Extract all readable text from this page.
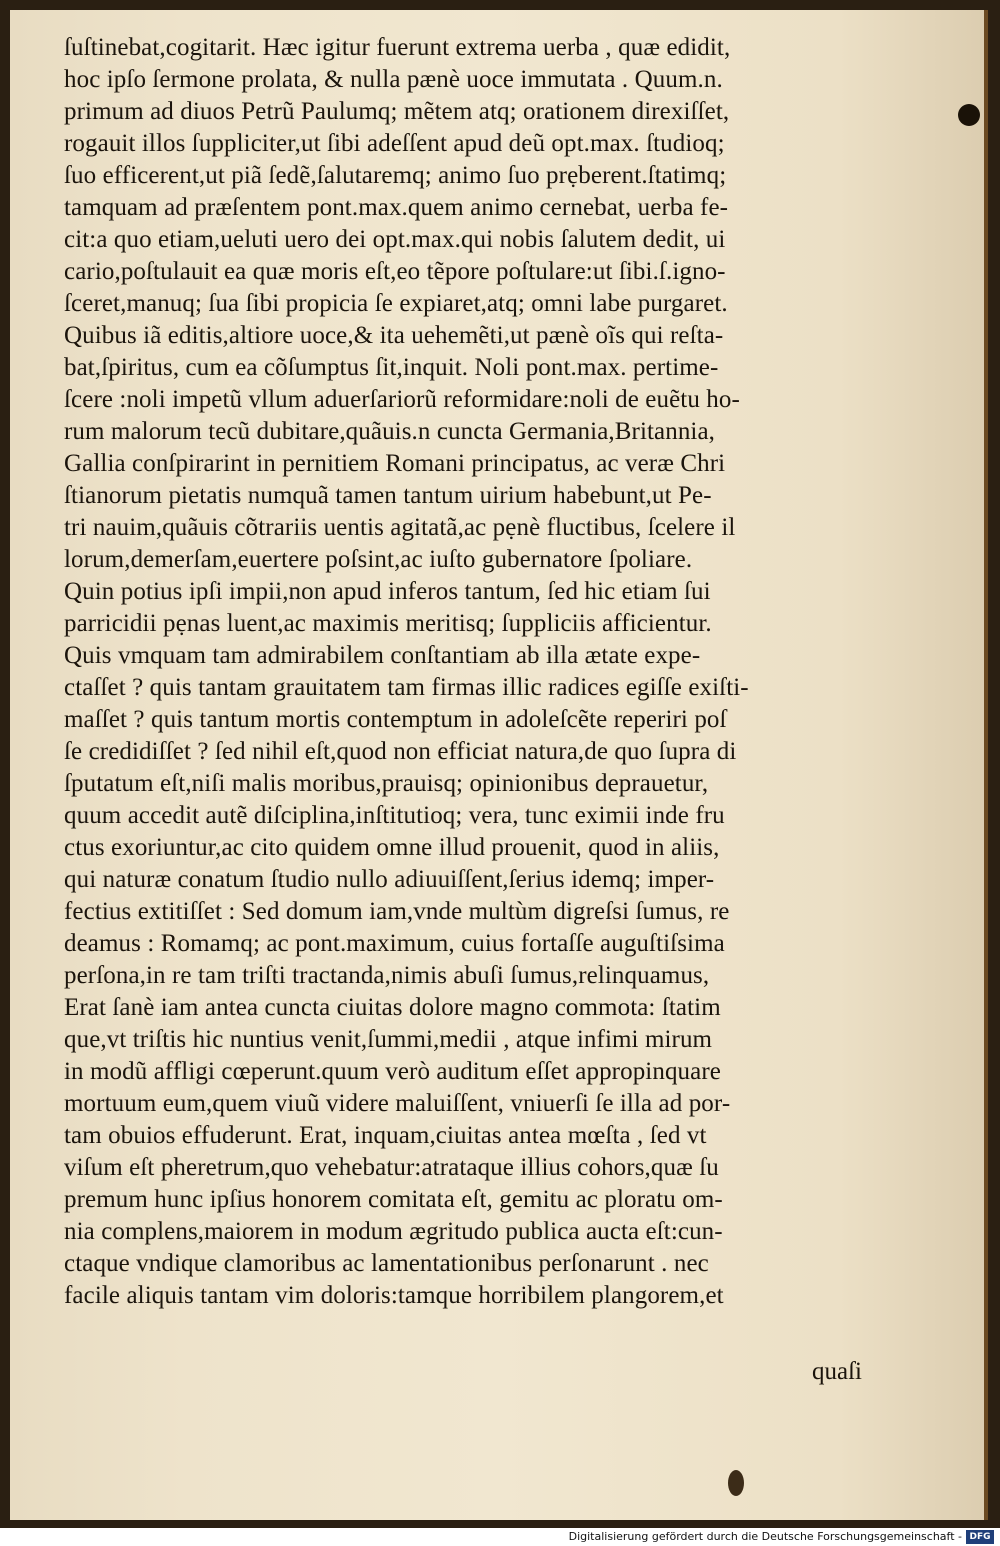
ſuſtinebat,cogitarit. Hæc igitur fuerunt extrema uerba , quæ edidit,
hoc ipſo ſermone prolata, & nulla pænè uoce immutata . Quum.n.
primum ad diuos Petrũ Paulumq; mẽtem atq; orationem direxiſſet,
rogauit illos ſuppliciter,ut ſibi adeſſent apud deũ opt.max. ſtudioq;
ſuo efficerent,ut piã ſedẽ,ſalutaremq; animo ſuo prẹberent.ſtatimq;
tamquam ad præſentem pont.max.quem animo cernebat, uerba fe-
cit:a quo etiam,ueluti uero dei opt.max.qui nobis ſalutem dedit, ui
cario,poſtulauit ea quæ moris eſt,eo tẽpore poſtulare:ut ſibi.ſ.igno-
ſceret,manuq; ſua ſibi propicia ſe expiaret,atq; omni labe purgaret.
Quibus iã editis,altiore uoce,& ita uehemẽti,ut pænè oĩs qui reſta-
bat,ſpiritus, cum ea cõſumptus ſit,inquit. Noli pont.max. pertime-
ſcere :noli impetũ vllum aduerſariorũ reformidare:noli de euẽtu ho-
rum malorum tecũ dubitare,quãuis.n cuncta Germania,Britannia,
Gallia conſpirarint in pernitiem Romani principatus, ac veræ Chri
ſtianorum pietatis numquã tamen tantum uirium habebunt,ut Pe-
tri nauim,quãuis cõtrariis uentis agitatã,ac pẹnè fluctibus, ſcelere il
lorum,demerſam,euertere poſsint,ac iuſto gubernatore ſpoliare.
Quin potius ipſi impii,non apud inferos tantum, ſed hic etiam ſui
parricidii pẹnas luent,ac maximis meritisq; ſuppliciis afficientur.
Quis vmquam tam admirabilem conſtantiam ab illa ætate expe-
ctaſſet ? quis tantam grauitatem tam firmas illic radices egiſſe exiſti-
maſſet ? quis tantum mortis contemptum in adoleſcẽte reperiri poſ
ſe credidiſſet ? ſed nihil eſt,quod non efficiat natura,de quo ſupra di
ſputatum eſt,niſi malis moribus,prauisq; opinionibus deprauetur,
quum accedit autẽ diſciplina,inſtitutioq; vera, tunc eximii inde fru
ctus exoriuntur,ac cito quidem omne illud prouenit, quod in aliis,
qui naturæ conatum ſtudio nullo adiuuiſſent,ſerius idemq; imper-
fectius extitiſſet : Sed domum iam,vnde multùm digreſsi ſumus, re
deamus : Romamq; ac pont.maximum, cuius fortaſſe auguſtiſsima
perſona,in re tam triſti tractanda,nimis abuſi ſumus,relinquamus,
Erat ſanè iam antea cuncta ciuitas dolore magno commota: ſtatim
que,vt triſtis hic nuntius venit,ſummi,medii , atque infimi mirum
in modũ affligi cœperunt.quum verò auditum eſſet appropinquare
mortuum eum,quem viuũ videre maluiſſent, vniuerſi ſe illa ad por-
tam obuios effuderunt. Erat, inquam,ciuitas antea mœſta , ſed vt
viſum eſt pheretrum,quo vehebatur:atrataque illius cohors,quæ ſu
premum hunc ipſius honorem comitata eſt, gemitu ac ploratu om-
nia complens,maiorem in modum ægritudo publica aucta eſt:cun-
ctaque vndique clamoribus ac lamentationibus perſonarunt . nec
facile aliquis tantam vim doloris:tamque horribilem plangorem,et
quaſi
Digitalisierung gefördert durch die Deutsche Forschungsgemeinschaft - DFG
